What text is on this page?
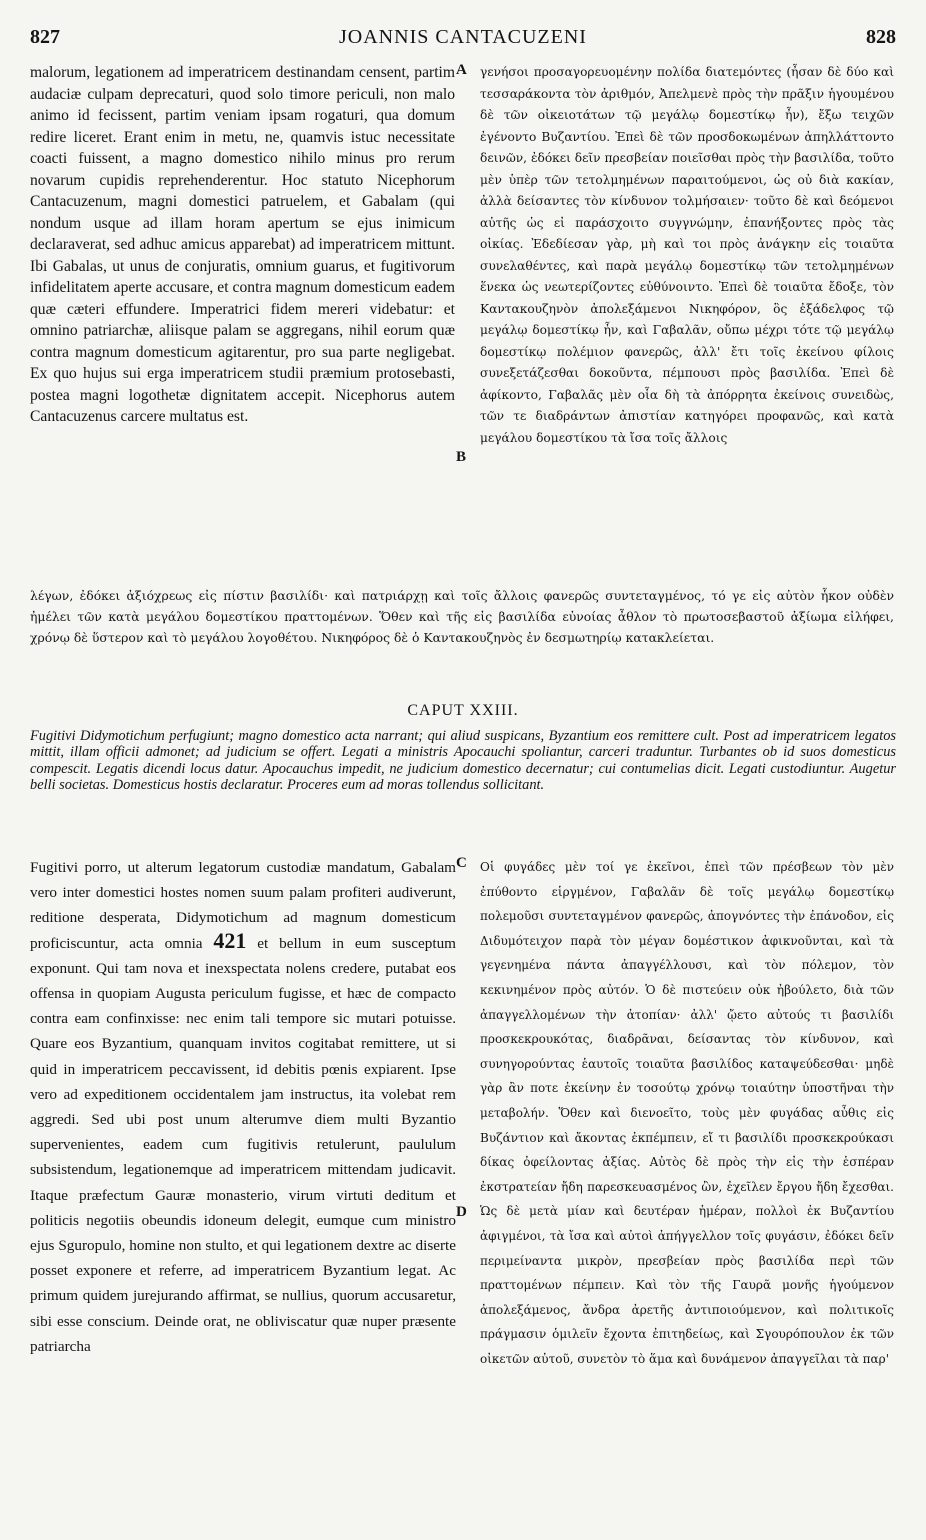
827	JOANNIS CANTACUZENI	828

malorum, legationem ad imperatricem destinandam censent, partim audaciæ culpam deprecaturi, quod solo timore periculi, non malo animo id fecissent, partim veniam ipsam rogaturi, qua domum redire liceret. Erant enim in metu, ne, quamvis istuc necessitate coacti fuissent, a magno domestico nihilo minus pro rerum novarum cupidis reprehenderentur. Hoc statuto Nicephorum Cantacuzenum, magni domestici patruelem, et Gabalam (qui nondum usque ad illam horam apertum se ejus inimicum declaraverat, sed adhuc amicus apparebat) ad imperatricem mittunt. Ibi Gabalas, ut unus de conjuratis, omnium guarus, et fugitivorum infidelitatem aperte accusare, et contra magnum domesticum eadem quæ cæteri effundere. Imperatrici fidem mereri videbatur: et omnino patriarchæ, aliisque palam se aggregans, nihil eorum quæ contra magnum domesticum agitarentur, pro sua parte negligebat. Ex quo hujus sui erga imperatricem studii præmium protosebasti, postea magni logothetæ dignitatem accepit. Nicephorus autem Cantacuzenus carcere multatus est.

A γενήσοι προσαγορευομένην πολίδα διατεμόντες (ἦσαν δὲ δύο καὶ τεσσαράκοντα τὸν ἀριθμόν, Ἀπελμενὲ πρὸς τὴν πρᾶξιν ἡγουμένου δὲ τῶν οἰκειοτάτων τῷ μεγάλῳ δομεστίκῳ ἦν), ἔξω τειχῶν ἐγένοντο Βυζαντίου. Ἐπεὶ δὲ τῶν προσδοκωμένων ἀπηλλάττοντο δεινῶν, ἐδόκει δεῖν πρεσβείαν ποιεῖσθαι πρὸς τὴν βασιλίδα, τοῦτο μὲν ὑπὲρ τῶν τετολμημένων παραιτούμενοι, ὡς οὐ διὰ κακίαν, ἀλλὰ δείσαντες τὸν κίνδυνον τολμήσαιεν· τοῦτο δὲ καὶ δεόμενοι αὐτῆς ὡς εἰ παράσχοιτο συγγνώμην, ἐπανήξοντες πρὸς τὰς οἰκίας. Ἐδεδίεσαν γὰρ, μὴ καὶ τοι πρὸς ἀνάγκην εἰς τοιαῦτα συνελαθέντες, καὶ παρὰ μεγάλῳ δομεστίκῳ τῶν τετολμημένων ἕνεκα ὡς νεωτερίζοντες εὐθύνοιντο. Ἐπεὶ δὲ τοιαῦτα ἔδοξε, τὸν Καντακουζηνὸν ἀπολεξάμενοι Νικηφόρον, ὃς ἐξάδελφος τῷ μεγάλῳ δομεστίκῳ ἦν, καὶ Γαβαλᾶν, οὔπω μέχρι τότε τῷ μεγάλῳ δομεστίκῳ πολέμιον φανερῶς, ἀλλ' ἔτι τοῖς ἐκείνου φίλοις συνεξετάζεσθαι δοκοῦντα, πέμπουσι πρὸς βασιλίδα. Ἐπεὶ δὲ ἀφίκοντο, Γαβαλᾶς μὲν οἷα δὴ τὰ ἀπόρρητα ἐκείνοις συνειδὼς, τῶν τε διαδράντων ἀπιστίαν κατηγόρει προφανῶς, καὶ κατὰ μεγάλου δομεστίκου τὰ ἴσα τοῖς ἄλλοις

B

λέγων, ἐδόκει ἀξιόχρεως εἰς πίστιν βασιλίδι· καὶ πατριάρχῃ καὶ τοῖς ἄλλοις φανερῶς συντεταγμένος, τό γε εἰς αὐτὸν ἧκον οὐδὲν ἠμέλει τῶν κατὰ μεγάλου δομεστίκου πραττομένων. Ὅθεν καὶ τῆς εἰς βασιλίδα εὐνοίας ἆθλον τὸ πρωτοσεβαστοῦ ἀξίωμα εἰλήφει, χρόνῳ δὲ ὕστερον καὶ τὸ μεγάλου λογοθέτου. Νικηφόρος δὲ ὁ Καντακουζηνὸς ἐν δεσμωτηρίῳ κατακλείεται.

CAPUT XXIII.
Fugitivi Didymotichum perfugiunt; magno domestico acta narrant; qui aliud suspicans, Byzantium eos remittere cult. Post ad imperatricem legatos mittit, illam officii admonet; ad judicium se offert. Legati a ministris Apocauchi spoliantur, carceri traduntur. Turbantes ob id suos domesticus compescit. Legatis dicendi locus datur. Apocauchus impedit, ne judicium domestico decernatur; cui contumelias dicit. Legati custodiuntur. Augetur belli societas. Domesticus hostis declaratur. Proceres eum ad moras tollendus sollicitant.

Fugitivi porro, ut alterum legatorum custodiæ mandatum, Gabalam vero inter domestici hostes nomen suum palam profiteri audiverunt, reditione desperata, Didymotichum ad magnum domesticum proficiscuntur, acta omnia 421 et bellum in eum susceptum exponunt. Qui tam nova et inexspectata nolens credere, putabat eos offensa in quopiam Augusta periculum fugisse, et hæc de compacto contra eam confinxisse: nec enim tali tempore sic mutari potuisse. Quare eos Byzantium, quanquam invitos cogitabat remittere, ut si quid in imperatricem peccavissent, id debitis pœnis expiarent. Ipse vero ad expeditionem occidentalem jam instructus, ita volebat rem aggredi. Sed ubi post unum alterumve diem multi Byzantio supervenientes, eadem cum fugitivis retulerunt, paululum subsistendum, legationemque ad imperatricem mittendam judicavit. Itaque præfectum Gauræ monasterio, virum virtuti deditum et politicis negotiis obeundis idoneum delegit, eumque cum ministro ejus Sguropulo, homine non stulto, et qui legationem dextre ac diserte posset exponere et referre, ad imperatricem Byzantium legat. Ac primum quidem jurejurando affirmat, se nullius, quorum accusaretur, sibi esse conscium. Deinde orat, ne obliviscatur quæ nuper præsente patriarcha

C
D

Οἱ φυγάδες μὲν τοί γε ἐκεῖνοι, ἐπεὶ τῶν πρέσβεων τὸν μὲν ἐπύθοντο εἱργμένον, Γαβαλᾶν δὲ τοῖς μεγάλῳ δομεστίκῳ πολεμοῦσι συντεταγμένον φανερῶς, ἀπογνόντες τὴν ἐπάνοδον, εἰς Διδυμότειχον παρὰ τὸν μέγαν δομέστικον ἀφικνοῦνται, καὶ τὰ γεγενημένα πάντα ἀπαγγέλλουσι, καὶ τὸν πόλεμον, τὸν κεκινημένον πρὸς αὐτόν. Ὁ δὲ πιστεύειν οὐκ ἠβούλετο, διὰ τῶν ἀπαγγελλομένων τὴν ἀτοπίαν· ἀλλ' ᾤετο αὐτούς τι βασιλίδι προσκεκρουκότας, διαδρᾶναι, δείσαντας τὸν κίνδυνον, καὶ συνηγορούντας ἑαυτοῖς τοιαῦτα βασιλίδος καταψεύδεσθαι· μηδὲ γὰρ ἂν ποτε ἐκείνην ἐν τοσούτῳ χρόνῳ τοιαύτην ὑποστῆναι τὴν μεταβολήν. Ὅθεν καὶ διενοεῖτο, τοὺς μὲν φυγάδας αὖθις εἰς Βυζάντιον καὶ ἄκοντας ἐκπέμπειν, εἴ τι βασιλίδι προσκεκρούκασι δίκας ὀφείλοντας ἀξίας. Αὐτὸς δὲ πρὸς τὴν εἰς τὴν ἑσπέραν ἐκστρατείαν ἤδη παρεσκευασμένος ὢν, ἐχεῖλεν ἔργου ἤδη ἔχεσθαι. Ὡς δὲ μετὰ μίαν καὶ δευτέραν ἡμέραν, πολλοὶ ἐκ Βυζαντίου ἀφιγμένοι, τὰ ἴσα καὶ αὐτοὶ ἀπήγγελλον τοῖς φυγάσιν, ἐδόκει δεῖν περιμείναντα μικρὸν, πρεσβείαν πρὸς βασιλίδα περὶ τῶν πραττομένων πέμπειν. Καὶ τὸν τῆς Γαυρᾶ μονῆς ἡγούμενον ἀπολεξάμενος, ἄνδρα ἀρετῆς ἀντιποιούμενον, καὶ πολιτικοῖς πράγμασιν ὁμιλεῖν ἔχοντα ἐπιτηδείως, καὶ Σγουρόπουλον ἐκ τῶν οἰκετῶν αὐτοῦ, συνετὸν τὸ ἅμα καὶ δυνάμενον ἀπαγγεῖλαι τὰ παρ'
